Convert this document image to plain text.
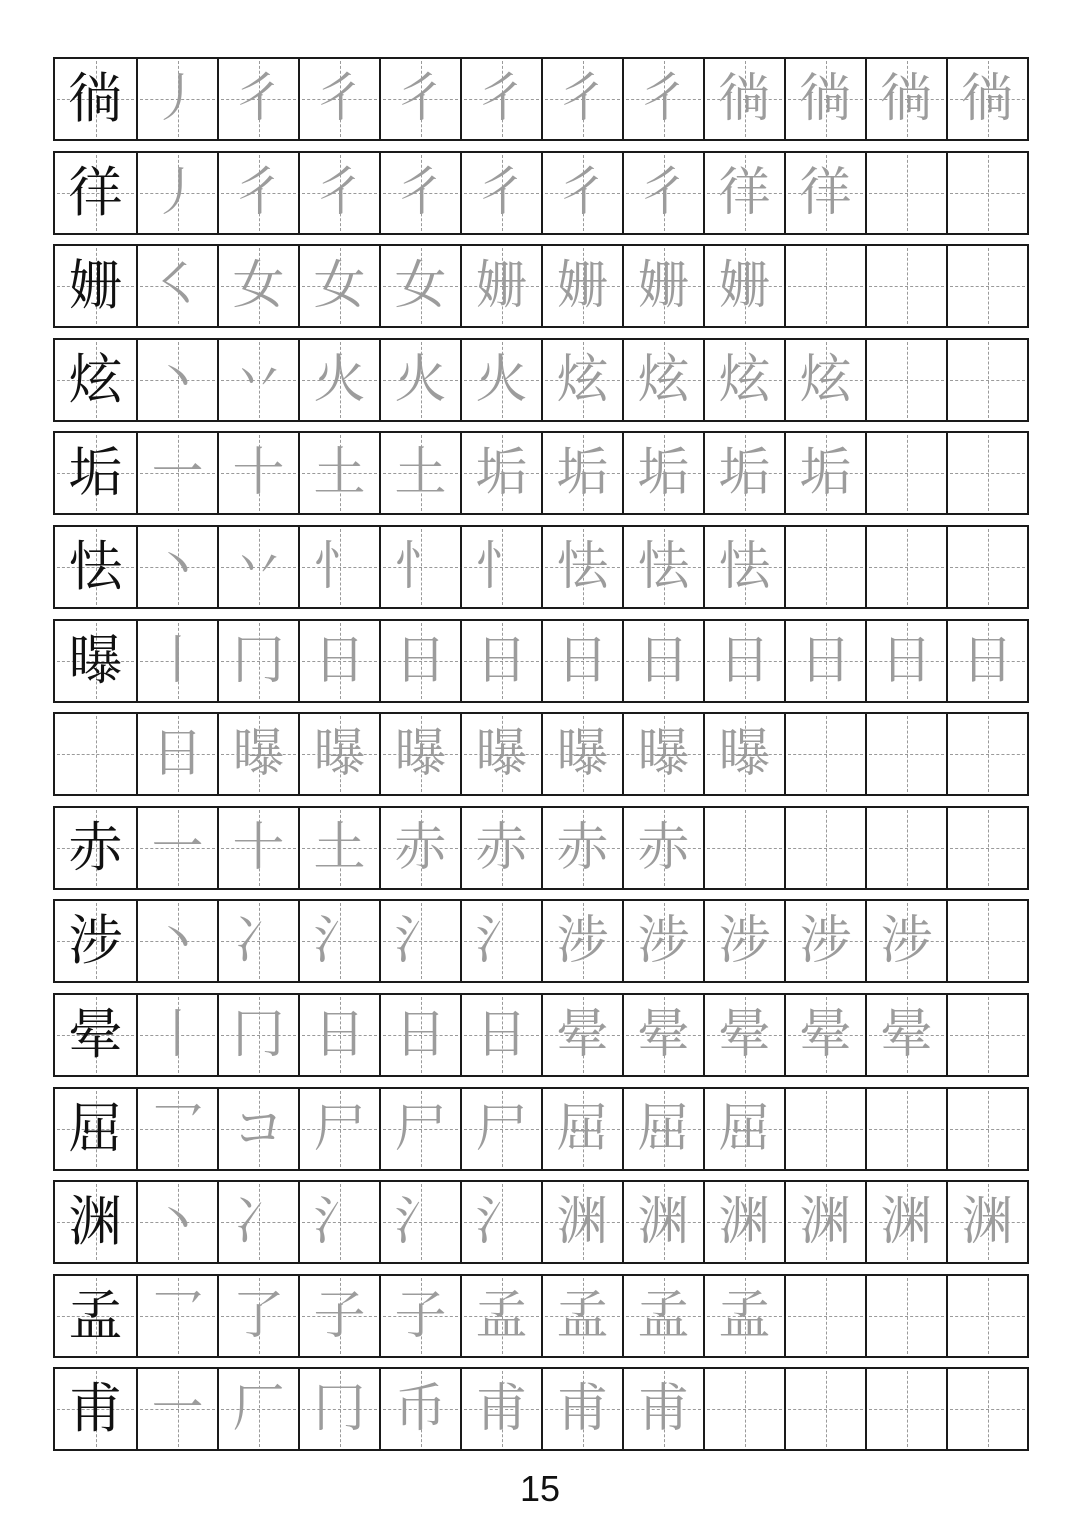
徜 丿 彳 彳 彳 彳 彳 彳 徜 徜 徜 徜
徉 丿 彳 彳 彳 彳 彳 彳 徉 徉
姗 ㇛ 女 女 女 姗 姗 姗 姗
炫 丶 丷 火 火 火 炫 炫 炫 炫
垢 一 十 土 土 垢 垢 垢 垢 垢
怯 丶 丷 忄 忄 忄 怯 怯 怯
曝 丨 冂 日 日 日 日 日 日 日 日 日
日 曝 曝 曝 曝 曝 曝 曝
赤 一 十 土 赤 赤 赤 赤
涉 丶 冫 氵 氵 氵 涉 涉 涉 涉 涉
晕 丨 冂 日 日 日 晕 晕 晕 晕 晕
屈 乛 コ 尸 尸 尸 屈 屈 屈
渊 丶 冫 氵 氵 氵 渊 渊 渊 渊 渊 渊
孟 乛 了 子 子 孟 孟 孟 孟
甫 一 厂 冂 币 甫 甫 甫
15
